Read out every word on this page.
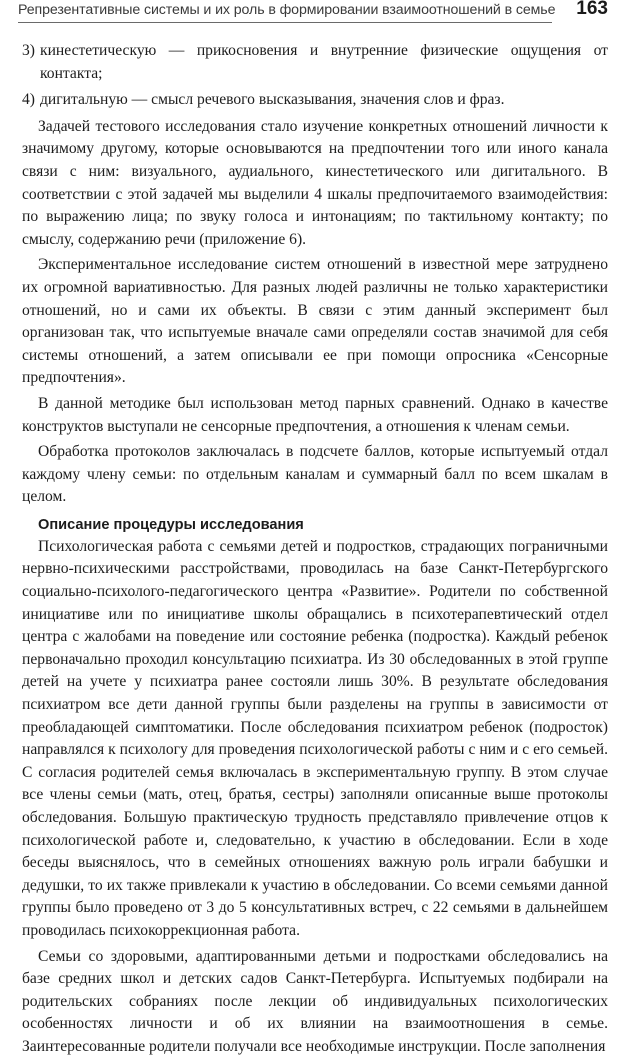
Репрезентативные системы и их роль в формировании взаимоотношений в семье 163

3) кинестетическую — прикосновения и внутренние физические ощущения от контакта;

4) дигитальную — смысл речевого высказывания, значения слов и фраз.

Задачей тестового исследования стало изучение конкретных отношений личности к значимому другому, которые основываются на предпочтении того или иного канала связи с ним: визуального, аудиального, кинестетического или дигитального. В соответствии с этой задачей мы выделили 4 шкалы предпочитаемого взаимодействия: по выражению лица; по звуку голоса и интонациям; по тактильному контакту; по смыслу, содержанию речи (приложение 6).

Экспериментальное исследование систем отношений в известной мере затруднено их огромной вариативностью. Для разных людей различны не только характеристики отношений, но и сами их объекты. В связи с этим данный эксперимент был организован так, что испытуемые вначале сами определяли состав значимой для себя системы отношений, а затем описывали ее при помощи опросника «Сенсорные предпочтения».

В данной методике был использован метод парных сравнений. Однако в качестве конструктов выступали не сенсорные предпочтения, а отношения к членам семьи.

Обработка протоколов заключалась в подсчете баллов, которые испытуемый отдал каждому члену семьи: по отдельным каналам и суммарный балл по всем шкалам в целом.

Описание процедуры исследования

Психологическая работа с семьями детей и подростков, страдающих пограничными нервно-психическими расстройствами, проводилась на базе Санкт-Петербургского социально-психолого-педагогического центра «Развитие». Родители по собственной инициативе или по инициативе школы обращались в психотерапевтический отдел центра с жалобами на поведение или состояние ребенка (подростка). Каждый ребенок первоначально проходил консультацию психиатра. Из 30 обследованных в этой группе детей на учете у психиатра ранее состояли лишь 30%. В результате обследования психиатром все дети данной группы были разделены на группы в зависимости от преобладающей симптоматики. После обследования психиатром ребенок (подросток) направлялся к психологу для проведения психологической работы с ним и с его семьей. С согласия родителей семья включалась в экспериментальную группу. В этом случае все члены семьи (мать, отец, братья, сестры) заполняли описанные выше протоколы обследования. Большую практическую трудность представляло привлечение отцов к психологической работе и, следовательно, к участию в обследовании. Если в ходе беседы выяснялось, что в семейных отношениях важную роль играли бабушки и дедушки, то их также привлекали к участию в обследовании. Со всеми семьями данной группы было проведено от 3 до 5 консультативных встреч, с 22 семьями в дальнейшем проводилась психокоррекционная работа.

Семьи со здоровыми, адаптированными детьми и подростками обследовались на базе средних школ и детских садов Санкт-Петербурга. Испытуемых подбирали на родительских собраниях после лекции об индивидуальных психологических особенностях личности и об их влиянии на взаимоотношения в семье. Заинтересованные родители получали все необходимые инструкции. После заполнения
